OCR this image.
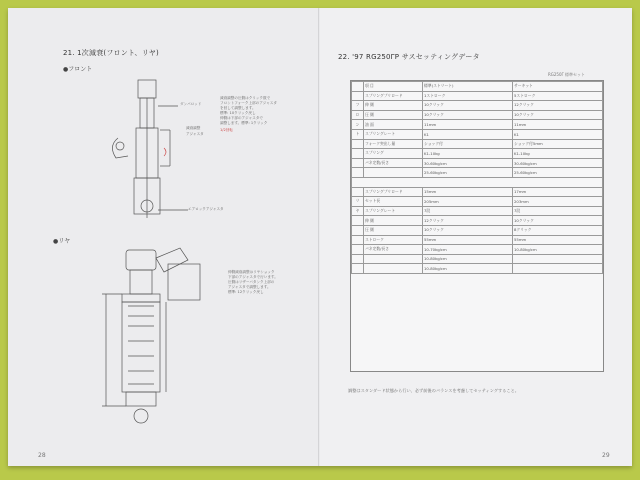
21. 1次減衰(フロント、リヤ)
●フロント
ダンパロッド
減衰調整
アジャスタ
エアロックアジャスタ
減衰調整の圧側はクリック数で
フロントフォーク上部のアジャスタ
を回して調整します。
標準: 10クリック戻し
伸側は下部のアジャスタで
調整します。標準: 1クリック
1/2回転
●リヤ
伸側減衰調整はリヤショック
下部のアジャスタで行います。
圧側はリザーバタンク上部の
アジャスタで調整します。
標準: 12クリック戻し
28
22. '97 RG250ΓP サスセッティングデータ
RG250Γ 標準セット
	項 目	標準(ストリート)	サーキット
	スプリングプリロード	1ストローク	5ストローク
フ	伸 側	10クリック	12クリック
ロ	圧 側	10クリック	10クリック
ン	油 面	11mm	11mm
ト	スプリングレート	K1	K1
	フォーク突出し量	ショック付	ショック付5mm
	スプリング	K1-10kg	K1-10kg
	バネ定数/長さ	30-60kg/cm	30-60kg/cm
		25-60kg/cm	25-60kg/cm

	スプリングプリロード	15mm	17mm
リ	セット長	205mm	203mm
ヤ	スプリングレート	7段	7段
	伸 側	12クリック	10クリック
	圧 側	10クリック	8クリック
	ストローク	55mm	55mm
	バネ定数/長さ	10-70kg/cm	10-80kg/cm
		10-80kg/cm	
		10-80kg/cm	
調整はスタンダード状態から行い、必ず前後のバランスを考慮してセッティングすること。
29
